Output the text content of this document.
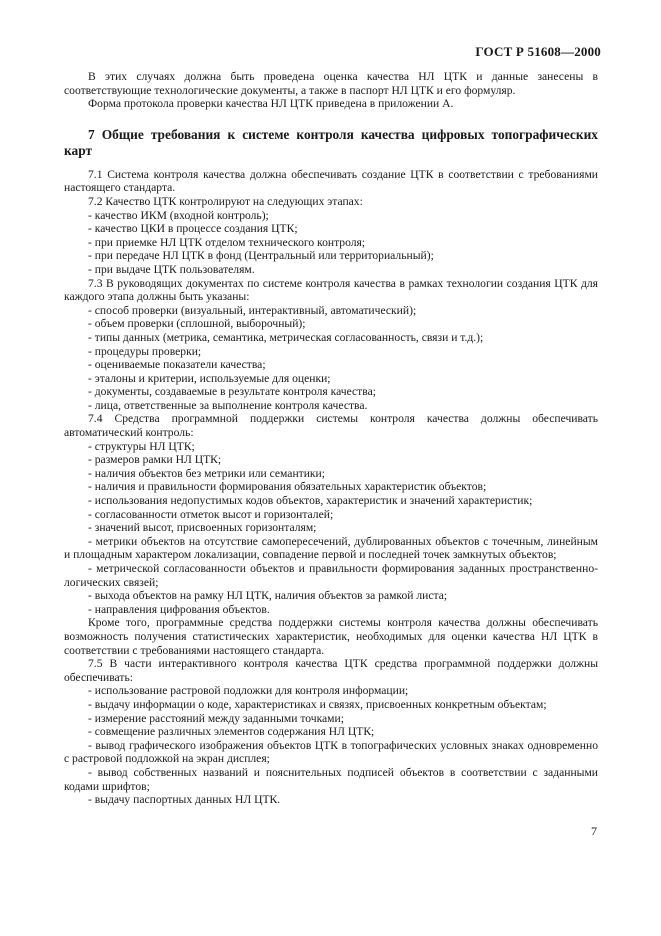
ГОСТ Р 51608—2000

В этих случаях должна быть проведена оценка качества НЛ ЦТК и данные занесены в соответствующие технологические документы, а также в паспорт НЛ ЦТК и его формуляр.

Форма протокола проверки качества НЛ ЦТК приведена в приложении А.

7 Общие требования к системе контроля качества цифровых топографических карт

7.1 Система контроля качества должна обеспечивать создание ЦТК в соответствии с требованиями настоящего стандарта.

7.2 Качество ЦТК контролируют на следующих этапах:

- качество ИКМ (входной контроль);

- качество ЦКИ в процессе создания ЦТК;

- при приемке НЛ ЦТК отделом технического контроля;

- при передаче НЛ ЦТК в фонд (Центральный или территориальный);

- при выдаче ЦТК пользователям.

7.3 В руководящих документах по системе контроля качества в рамках технологии создания ЦТК для каждого этапа должны быть указаны:

- способ проверки (визуальный, интерактивный, автоматический);

- объем проверки (сплошной, выборочный);

- типы данных (метрика, семантика, метрическая согласованность, связи и т.д.);

- процедуры проверки;

- оцениваемые показатели качества;

- эталоны и критерии, используемые для оценки;

- документы, создаваемые в результате контроля качества;

- лица, ответственные за выполнение контроля качества.

7.4 Средства программной поддержки системы контроля качества должны обеспечивать автоматический контроль:

- структуры НЛ ЦТК;

- размеров рамки НЛ ЦТК;

- наличия объектов без метрики или семантики;

- наличия и правильности формирования обязательных характеристик объектов;

- использования недопустимых кодов объектов, характеристик и значений характеристик;

- согласованности отметок высот и горизонталей;

- значений высот, присвоенных горизонталям;

- метрики объектов на отсутствие самопересечений, дублированных объектов с точечным, линейным и площадным характером локализации, совпадение первой и последней точек замкнутых объектов;

- метрической согласованности объектов и правильности формирования заданных пространственно-логических связей;

- выхода объектов на рамку НЛ ЦТК, наличия объектов за рамкой листа;

- направления цифрования объектов.

Кроме того, программные средства поддержки системы контроля качества должны обеспечивать возможность получения статистических характеристик, необходимых для оценки качества НЛ ЦТК в соответствии с требованиями настоящего стандарта.

7.5 В части интерактивного контроля качества ЦТК средства программной поддержки должны обеспечивать:

- использование растровой подложки для контроля информации;

- выдачу информации о коде, характеристиках и связях, присвоенных конкретным объектам;

- измерение расстояний между заданными точками;

- совмещение различных элементов содержания НЛ ЦТК;

- вывод графического изображения объектов ЦТК в топографических условных знаках одновременно с растровой подложкой на экран дисплея;

- вывод собственных названий и пояснительных подписей объектов в соответствии с заданными кодами шрифтов;

- выдачу паспортных данных НЛ ЦТК.

7
